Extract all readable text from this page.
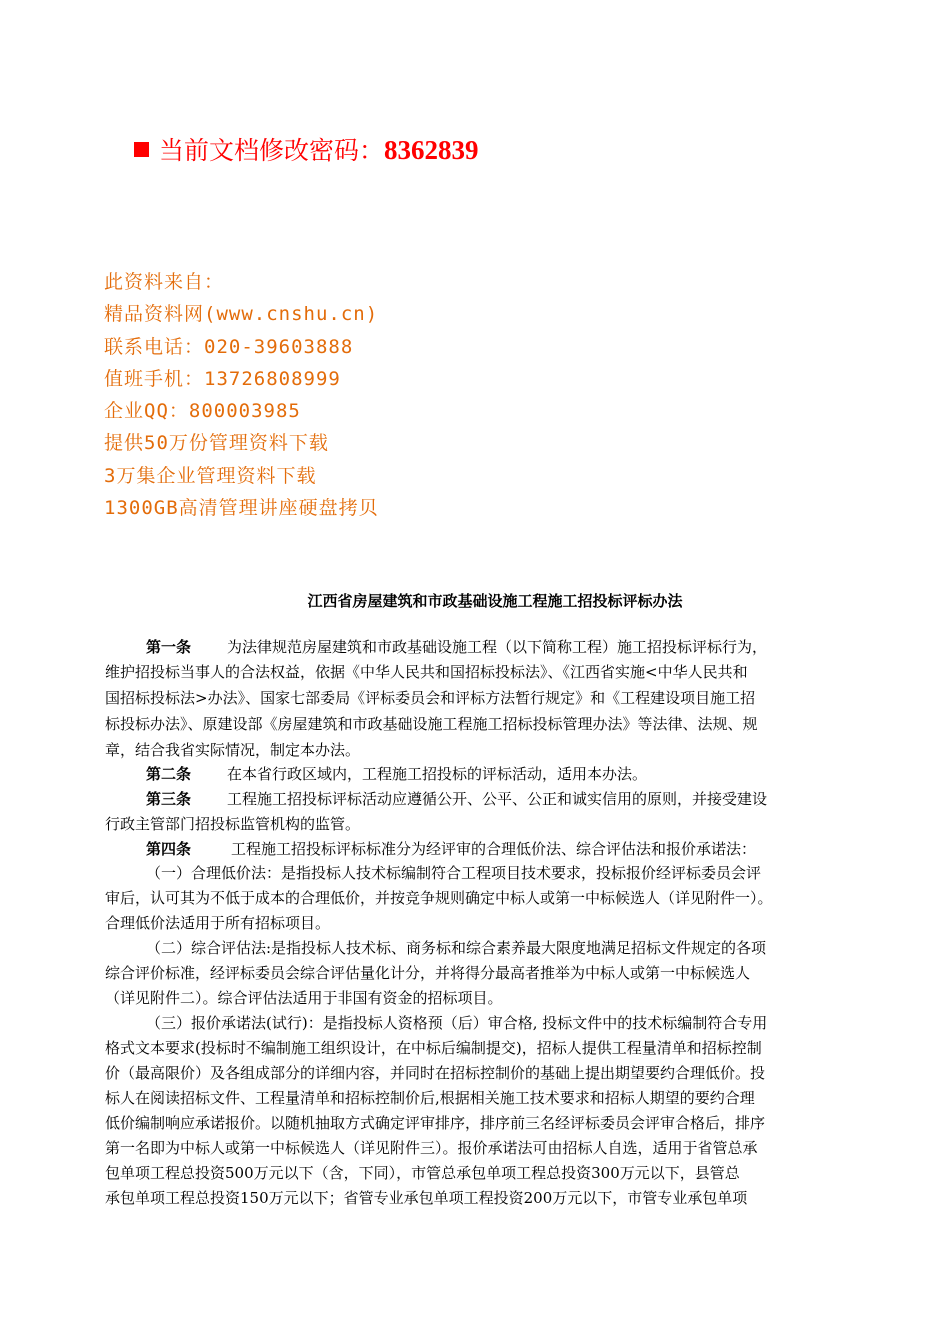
当前文档修改密码：8362839
此资料来自：
精品资料网(www.cnshu.cn)
联系电话：020-39603888
值班手机：13726808999
企业QQ：800003985
提供50万份管理资料下载
3万集企业管理资料下载
1300GB高清管理讲座硬盘拷贝
江西省房屋建筑和市政基础设施工程施工招投标评标办法
第一条 为法律规范房屋建筑和市政基础设施工程（以下简称工程）施工招投标评标行为，
维护招投标当事人的合法权益，依据《中华人民共和国招标投标法》、《江西省实施<中华人民共和
国招标投标法>办法》、国家七部委局《评标委员会和评标方法暂行规定》和《工程建设项目施工招
标投标办法》、原建设部《房屋建筑和市政基础设施工程施工招标投标管理办法》等法律、法规、规
章，结合我省实际情况，制定本办法。
第二条 在本省行政区域内，工程施工招投标的评标活动，适用本办法。
第三条 工程施工招投标评标活动应遵循公开、公平、公正和诚实信用的原则，并接受建设
行政主管部门招投标监管机构的监管。
第四条	工程施工招投标评标标准分为经评审的合理低价法、综合评估法和报价承诺法：
（一）合理低价法：是指投标人技术标编制符合工程项目技术要求，投标报价经评标委员会评
审后，认可其为不低于成本的合理低价，并按竞争规则确定中标人或第一中标候选人（详见附件一）。
合理低价法适用于所有招标项目。
（二）综合评估法:是指投标人技术标、商务标和综合素养最大限度地满足招标文件规定的各项
综合评价标准，经评标委员会综合评估量化计分，并将得分最高者推举为中标人或第一中标候选人
（详见附件二）。综合评估法适用于非国有资金的招标项目。
（三）报价承诺法(试行)：是指投标人资格预（后）审合格, 投标文件中的技术标编制符合专用
格式文本要求(投标时不编制施工组织设计，在中标后编制提交)，招标人提供工程量清单和招标控制
价（最高限价）及各组成部分的详细内容，并同时在招标控制价的基础上提出期望要约合理低价。投
标人在阅读招标文件、工程量清单和招标控制价后,根据相关施工技术要求和招标人期望的要约合理
低价编制响应承诺报价。以随机抽取方式确定评审排序，排序前三名经评标委员会评审合格后，排序
第一名即为中标人或第一中标候选人（详见附件三）。报价承诺法可由招标人自选，适用于省管总承
包单项工程总投资500万元以下（含，下同），市管总承包单项工程总投资300万元以下，县管总
承包单项工程总投资150万元以下；省管专业承包单项工程投资200万元以下，市管专业承包单项
